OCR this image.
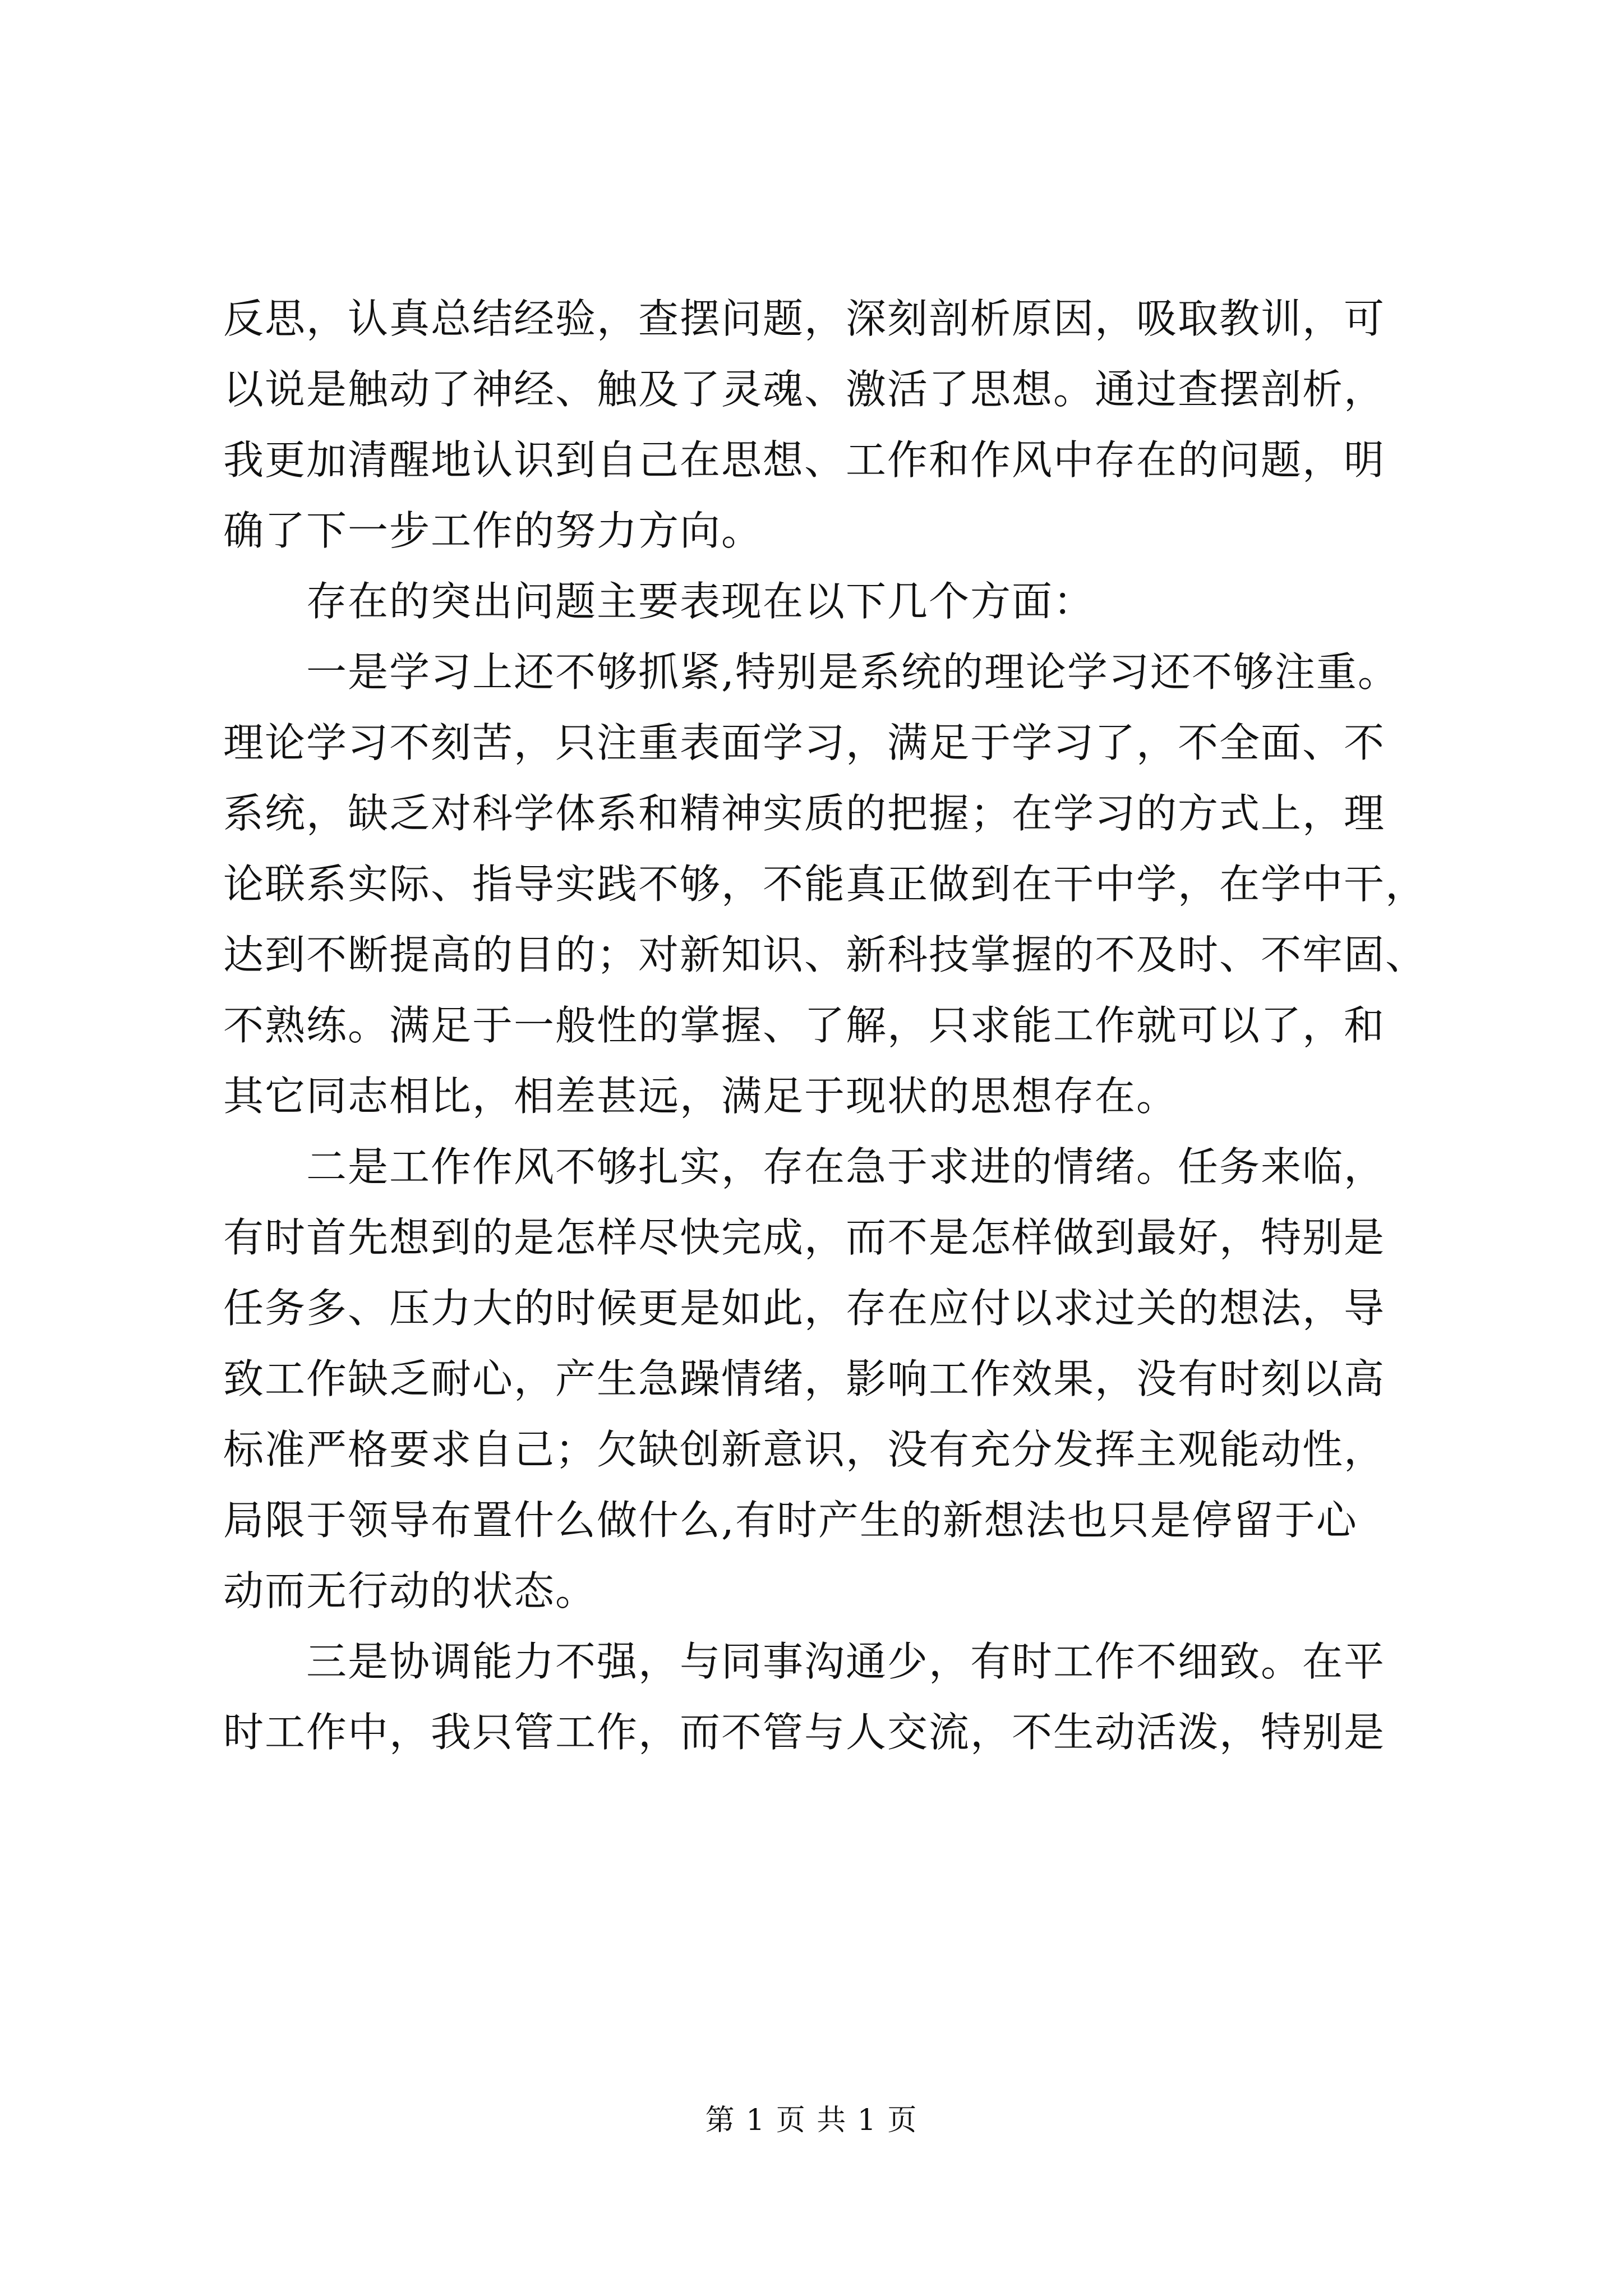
反思，认真总结经验，查摆问题，深刻剖析原因，吸取教训，可
以说是触动了神经、触及了灵魂、激活了思想。通过查摆剖析，
我更加清醒地认识到自己在思想、工作和作风中存在的问题，明
确了下一步工作的努力方向。
存在的突出问题主要表现在以下几个方面：
一是学习上还不够抓紧,特别是系统的理论学习还不够注重。
理论学习不刻苦，只注重表面学习，满足于学习了，不全面、不
系统，缺乏对科学体系和精神实质的把握；在学习的方式上，理
论联系实际、指导实践不够，不能真正做到在干中学，在学中干，
达到不断提高的目的；对新知识、新科技掌握的不及时、不牢固、
不熟练。满足于一般性的掌握、了解，只求能工作就可以了，和
其它同志相比，相差甚远，满足于现状的思想存在。
二是工作作风不够扎实，存在急于求进的情绪。任务来临，
有时首先想到的是怎样尽快完成，而不是怎样做到最好，特别是
任务多、压力大的时候更是如此，存在应付以求过关的想法，导
致工作缺乏耐心，产生急躁情绪，影响工作效果，没有时刻以高
标准严格要求自己；欠缺创新意识，没有充分发挥主观能动性，
局限于领导布置什么做什么,有时产生的新想法也只是停留于心
动而无行动的状态。
三是协调能力不强，与同事沟通少，有时工作不细致。在平
时工作中，我只管工作，而不管与人交流，不生动活泼，特别是
第 1 页 共 1 页
